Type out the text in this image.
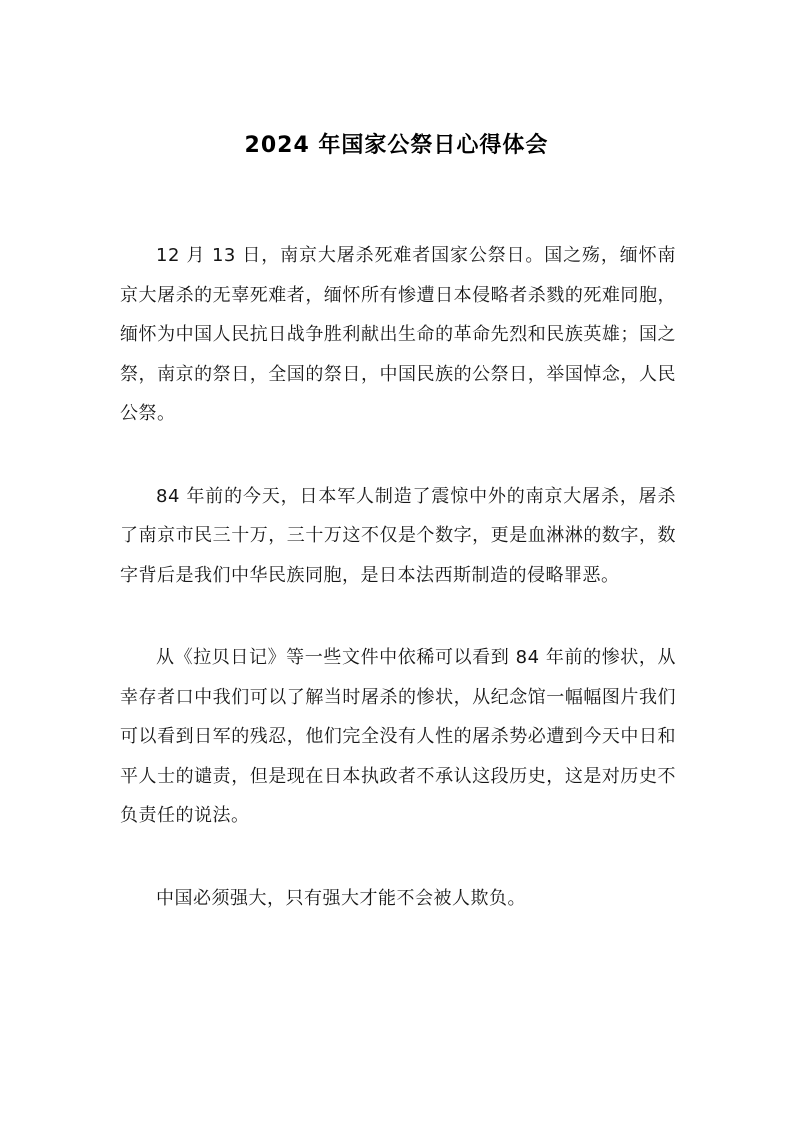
2024 年国家公祭日心得体会

12 月 13 日，南京大屠杀死难者国家公祭日。国之殇，缅怀南京大屠杀的无辜死难者，缅怀所有惨遭日本侵略者杀戮的死难同胞，缅怀为中国人民抗日战争胜利献出生命的革命先烈和民族英雄；国之祭，南京的祭日，全国的祭日，中国民族的公祭日，举国悼念，人民公祭。

84 年前的今天，日本军人制造了震惊中外的南京大屠杀，屠杀了南京市民三十万，三十万这不仅是个数字，更是血淋淋的数字，数字背后是我们中华民族同胞，是日本法西斯制造的侵略罪恶。

从《拉贝日记》等一些文件中依稀可以看到 84 年前的惨状，从幸存者口中我们可以了解当时屠杀的惨状，从纪念馆一幅幅图片我们可以看到日军的残忍，他们完全没有人性的屠杀势必遭到今天中日和平人士的谴责，但是现在日本执政者不承认这段历史，这是对历史不负责任的说法。

中国必须强大，只有强大才能不会被人欺负。
